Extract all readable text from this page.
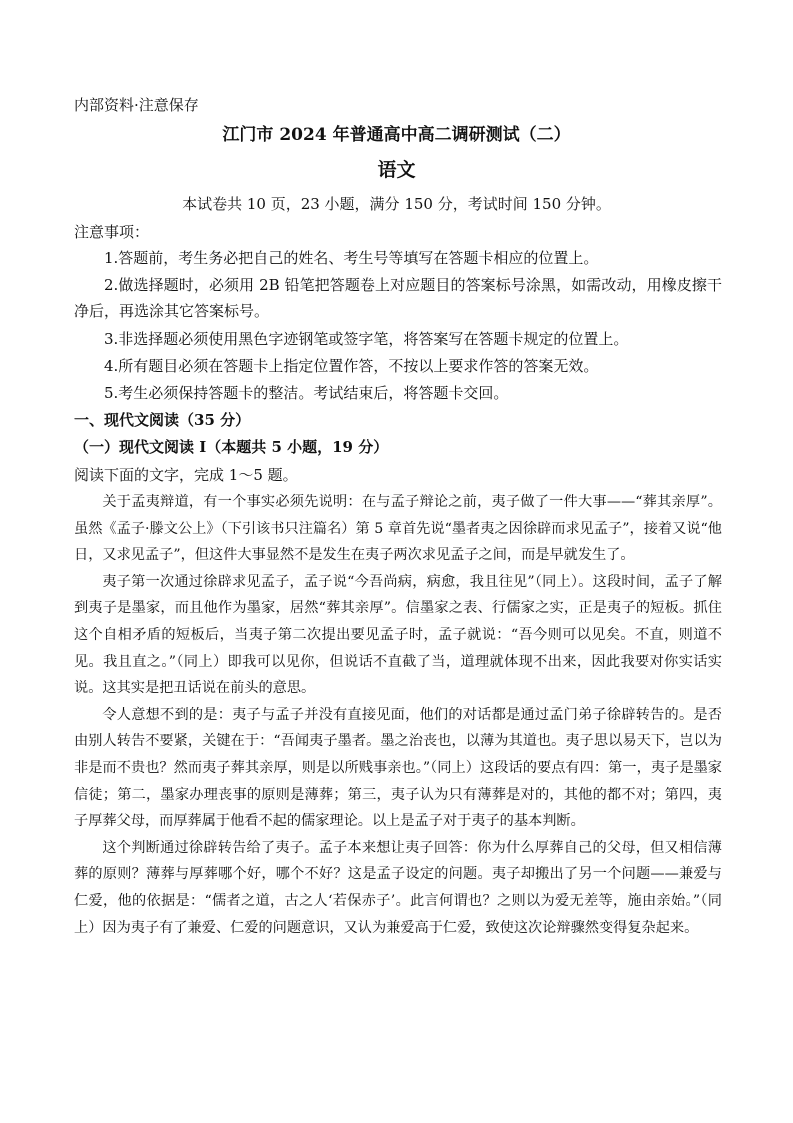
内部资料·注意保存
江门市 2024 年普通高中高二调研测试（二）
语文
本试卷共 10 页，23 小题，满分 150 分，考试时间 150 分钟。
注意事项：
1.答题前，考生务必把自己的姓名、考生号等填写在答题卡相应的位置上。
2.做选择题时，必须用 2B 铅笔把答题卷上对应题目的答案标号涂黑，如需改动，用橡皮擦干净后，再选涂其它答案标号。
3.非选择题必须使用黑色字迹钢笔或签字笔，将答案写在答题卡规定的位置上。
4.所有题目必须在答题卡上指定位置作答，不按以上要求作答的答案无效。
5.考生必须保持答题卡的整洁。考试结束后，将答题卡交回。
一、现代文阅读（35 分）
（一）现代文阅读 I（本题共 5 小题，19 分）
阅读下面的文字，完成 1～5 题。

关于孟夷辩道，有一个事实必须先说明：在与孟子辩论之前，夷子做了一件大事——“葬其亲厚”。虽然《孟子·滕文公上》（下引该书只注篇名）第 5 章首先说“墨者夷之因徐辟而求见孟子”，接着又说“他日，又求见孟子”，但这件大事显然不是发生在夷子两次求见孟子之间，而是早就发生了。

夷子第一次通过徐辟求见孟子，孟子说“今吾尚病，病愈，我且往见”（同上）。这段时间，孟子了解到夷子是墨家，而且他作为墨家，居然“葬其亲厚”。信墨家之表、行儒家之实，正是夷子的短板。抓住这个自相矛盾的短板后，当夷子第二次提出要见孟子时，孟子就说：“吾今则可以见矣。不直，则道不见。我且直之。”（同上）即我可以见你，但说话不直截了当，道理就体现不出来，因此我要对你实话实说。这其实是把丑话说在前头的意思。

令人意想不到的是：夷子与孟子并没有直接见面，他们的对话都是通过孟门弟子徐辟转告的。是否由别人转告不要紧，关键在于：“吾闻夷子墨者。墨之治丧也，以薄为其道也。夷子思以易天下，岂以为非是而不贵也？然而夷子葬其亲厚，则是以所贱事亲也。”（同上）这段话的要点有四：第一，夷子是墨家信徒；第二，墨家办理丧事的原则是薄葬；第三，夷子认为只有薄葬是对的，其他的都不对；第四，夷子厚葬父母，而厚葬属于他看不起的儒家理论。以上是孟子对于夷子的基本判断。

这个判断通过徐辟转告给了夷子。孟子本来想让夷子回答：你为什么厚葬自己的父母，但又相信薄葬的原则？薄葬与厚葬哪个好，哪个不好？这是孟子设定的问题。夷子却搬出了另一个问题——兼爱与仁爱，他的依据是：“儒者之道，古之人‘若保赤子’。此言何谓也？之则以为爱无差等，施由亲始。”（同上）因为夷子有了兼爱、仁爱的问题意识，又认为兼爱高于仁爱，致使这次论辩骤然变得复杂起来。
